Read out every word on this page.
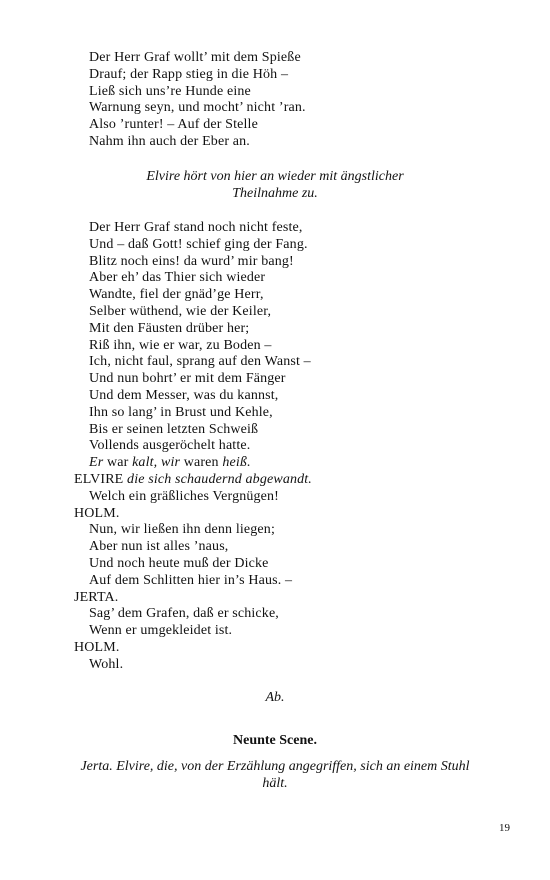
Der Herr Graf wollt’ mit dem Spieße
Drauf; der Rapp stieg in die Höh –
Ließ sich uns’re Hunde eine
Warnung seyn, und mocht’ nicht ’ran.
Also ’runter! – Auf der Stelle
Nahm ihn auch der Eber an.
Elvire hört von hier an wieder mit ängstlicher
Theilnahme zu.
Der Herr Graf stand noch nicht feste,
Und – daß Gott! schief ging der Fang.
Blitz noch eins! da wurd’ mir bang!
Aber eh’ das Thier sich wieder
Wandte, fiel der gnäd’ge Herr,
Selber wüthend, wie der Keiler,
Mit den Fäusten drüber her;
Riß ihn, wie er war, zu Boden –
Ich, nicht faul, sprang auf den Wanst –
Und nun bohrt’ er mit dem Fänger
Und dem Messer, was du kannst,
Ihn so lang’ in Brust und Kehle,
Bis er seinen letzten Schweiß
Vollends ausgeröchelt hatte.
Er war kalt, wir waren heiß.
ELVIRE die sich schaudernd abgewandt.
Welch ein gräßliches Vergnügen!
HOLM.
Nun, wir ließen ihn denn liegen;
Aber nun ist alles ’naus,
Und noch heute muß der Dicke
Auf dem Schlitten hier in’s Haus. –
JERTA.
Sag’ dem Grafen, daß er schicke,
Wenn er umgekleidet ist.
HOLM.
Wohl.
Ab.
Neunte Scene.
Jerta. Elvire, die, von der Erzählung angegriffen, sich an einem Stuhl
hält.
19
